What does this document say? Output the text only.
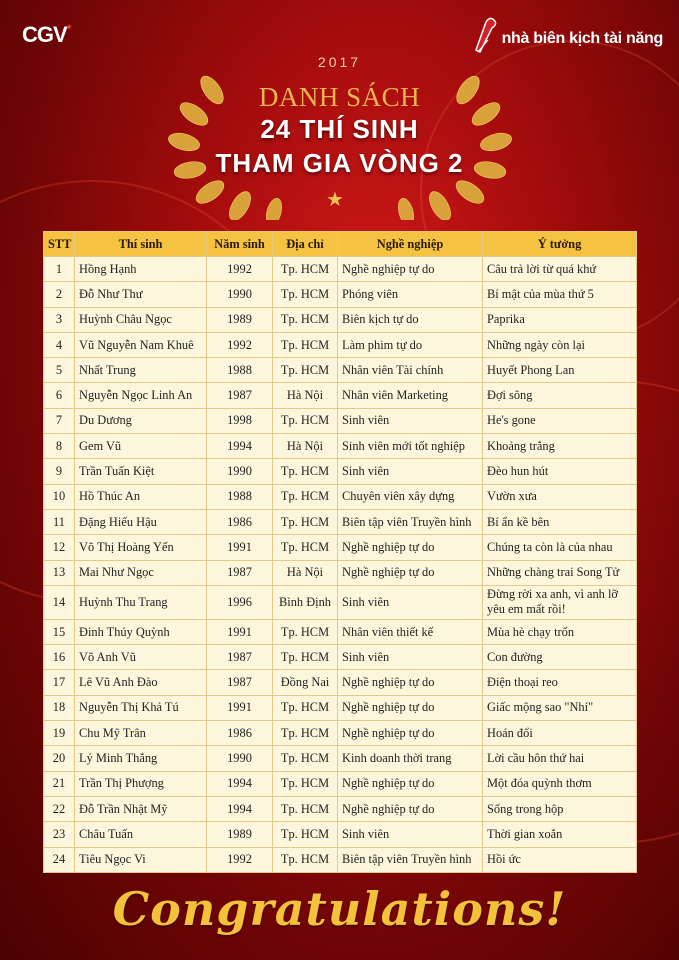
CGV*
nhà biên kịch tài năng
2017
DANH SÁCH
24 THÍ SINH
THAM GIA VÒNG 2
★
STT	Thí sinh	Năm sinh	Địa chỉ	Nghề nghiệp	Ý tưởng
1	Hồng Hạnh	1992	Tp. HCM	Nghề nghiệp tự do	Câu trả lời từ quá khứ
2	Đỗ Như Thư	1990	Tp. HCM	Phóng viên	Bí mật của mùa thứ 5
3	Huỳnh Châu Ngọc	1989	Tp. HCM	Biên kịch tự do	Paprika
4	Vũ Nguyễn Nam Khuê	1992	Tp. HCM	Làm phim tự do	Những ngày còn lại
5	Nhất Trung	1988	Tp. HCM	Nhân viên Tài chính	Huyết Phong Lan
6	Nguyễn Ngọc Linh An	1987	Hà Nội	Nhân viên Marketing	Đợi sông
7	Du Dương	1998	Tp. HCM	Sinh viên	He's gone
8	Gem Vũ	1994	Hà Nội	Sinh viên mới tốt nghiệp	Khoảng trắng
9	Trần Tuấn Kiệt	1990	Tp. HCM	Sinh viên	Đèo hun hút
10	Hồ Thúc An	1988	Tp. HCM	Chuyên viên xây dựng	Vườn xưa
11	Đặng Hiếu Hậu	1986	Tp. HCM	Biên tập viên Truyền hình	Bí ẩn kề bên
12	Võ Thị Hoàng Yến	1991	Tp. HCM	Nghề nghiệp tự do	Chúng ta còn là của nhau
13	Mai Như Ngọc	1987	Hà Nội	Nghề nghiệp tự do	Những chàng trai Song Tử
14	Huỳnh Thu Trang	1996	Bình Định	Sinh viên	Đừng rời xa anh, vì anh lỡ yêu em mất rồi!
15	Đinh Thúy Quỳnh	1991	Tp. HCM	Nhân viên thiết kế	Mùa hè chạy trốn
16	Võ Anh Vũ	1987	Tp. HCM	Sinh viên	Con đường
17	Lê Vũ Anh Đào	1987	Đồng Nai	Nghề nghiệp tự do	Điện thoại reo
18	Nguyễn Thị Khả Tú	1991	Tp. HCM	Nghề nghiệp tự do	Giấc mộng sao "Nhí"
19	Chu Mỹ Trân	1986	Tp. HCM	Nghề nghiệp tự do	Hoán đổi
20	Lý Minh Thắng	1990	Tp. HCM	Kinh doanh thời trang	Lời cầu hôn thứ hai
21	Trần Thị Phượng	1994	Tp. HCM	Nghề nghiệp tự do	Một đóa quỳnh thơm
22	Đỗ Trần Nhật Mỹ	1994	Tp. HCM	Nghề nghiệp tự do	Sống trong hộp
23	Châu Tuấn	1989	Tp. HCM	Sinh viên	Thời gian xoắn
24	Tiêu Ngọc Vi	1992	Tp. HCM	Biên tập viên Truyền hình	Hồi ức
Congratulations!
